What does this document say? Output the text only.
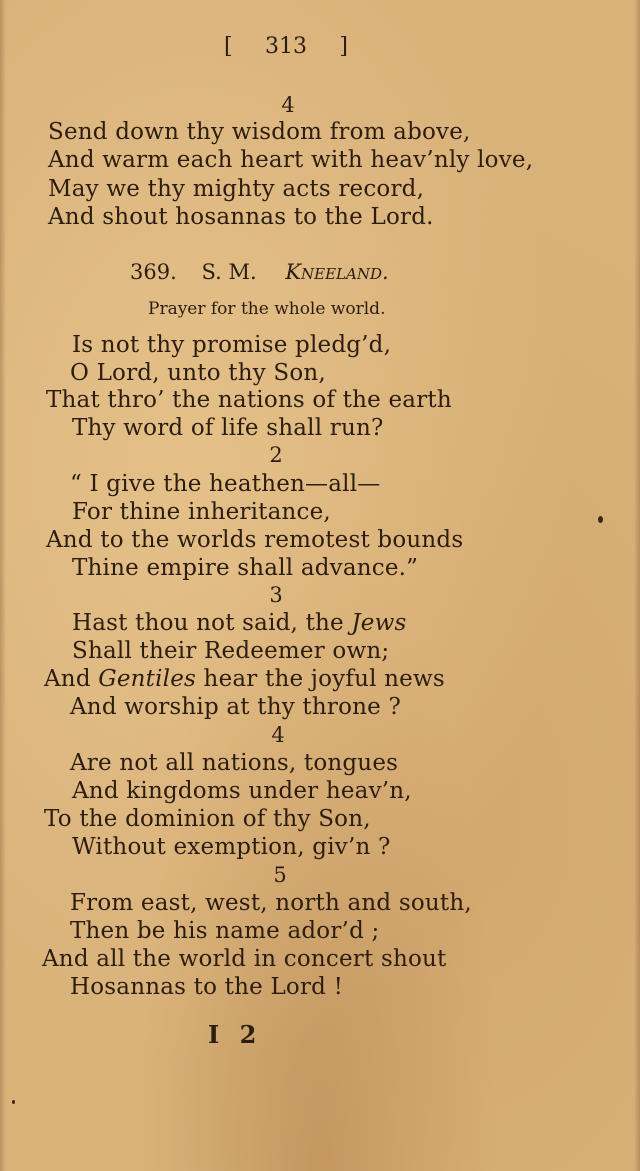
[ 313 ]
4
Send down thy wisdom from above,
And warm each heart with heav’nly love,
May we thy mighty acts record,
And shout hosannas to the Lord.
369. S. M. Kneeland.
Prayer for the whole world.
Is not thy promise pledg’d,
O Lord, unto thy Son,
That thro’ the nations of the earth
Thy word of life shall run?
2
“ I give the heathen—all—
For thine inheritance,
And to the worlds remotest bounds
Thine empire shall advance.”
3
Hast thou not said, the Jews
Shall their Redeemer own;
And Gentiles hear the joyful news
And worship at thy throne ?
4
Are not all nations, tongues
And kingdoms under heav’n,
To the dominion of thy Son,
Without exemption, giv’n ?
5
From east, west, north and south,
Then be his name ador’d ;
And all the world in concert shout
Hosannas to the Lord !
I 2
